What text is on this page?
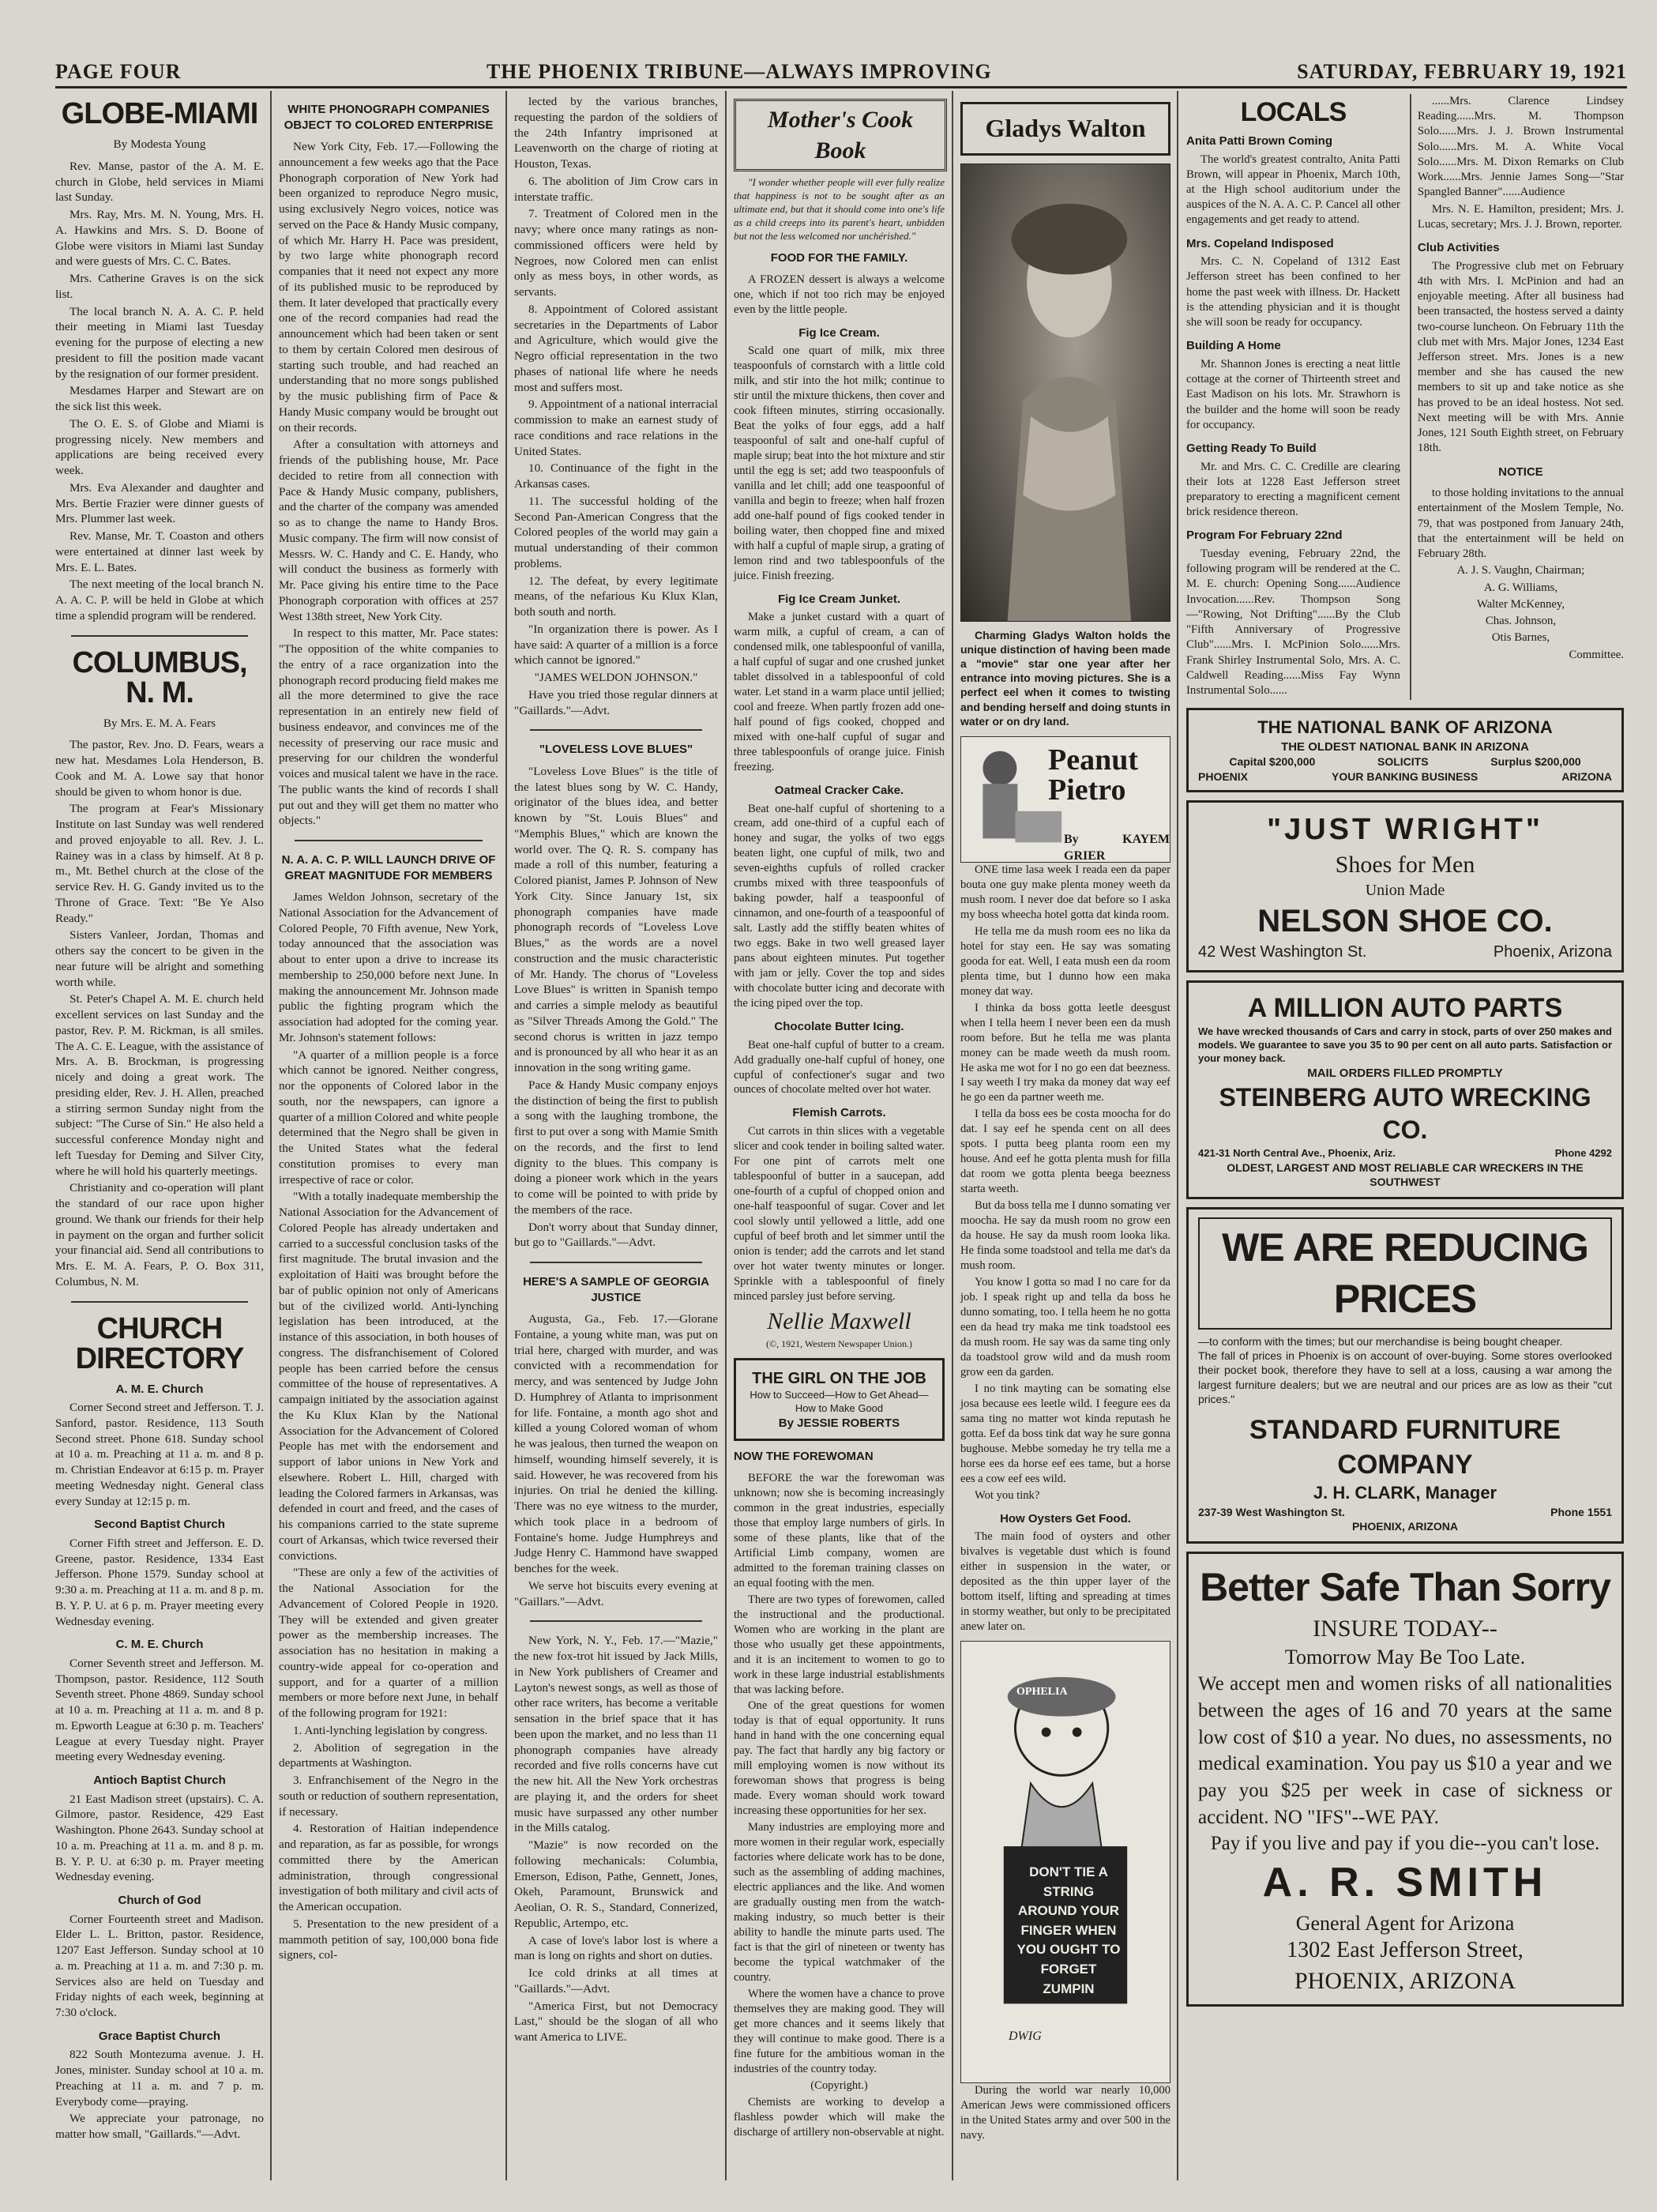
PAGE FOUR	THE PHOENIX TRIBUNE—ALWAYS IMPROVING	SATURDAY, FEBRUARY 19, 1921
GLOBE-MIAMI

By Modesta Young

Rev. Manse, pastor of the A. M. E. church in Globe, held services in Miami last Sunday.

Mrs. Ray, Mrs. M. N. Young, Mrs. H. A. Hawkins and Mrs. S. D. Boone of Globe were visitors in Miami last Sunday and were guests of Mrs. C. C. Bates.

Mrs. Catherine Graves is on the sick list.

The local branch N. A. A. C. P. held their meeting in Miami last Tuesday evening for the purpose of electing a new president to fill the position made vacant by the resignation of our former president.

Mesdames Harper and Stewart are on the sick list this week.

The O. E. S. of Globe and Miami is progressing nicely. New members and applications are being received every week.

Mrs. Eva Alexander and daughter and Mrs. Bertie Frazier were dinner guests of Mrs. Plummer last week.

Rev. Manse, Mr. T. Coaston and others were entertained at dinner last week by Mrs. E. L. Bates.

The next meeting of the local branch N. A. A. C. P. will be held in Globe at which time a splendid program will be rendered.

COLUMBUS, N. M.

By Mrs. E. M. A. Fears

The pastor, Rev. Jno. D. Fears, wears a new hat. Mesdames Lola Henderson, B. Cook and M. A. Lowe say that honor should be given to whom honor is due.

The program at Fear's Missionary Institute on last Sunday was well rendered and proved enjoyable to all. Rev. J. L. Rainey was in a class by himself. At 8 p. m., Mt. Bethel church at the close of the service Rev. H. G. Gandy invited us to the Throne of Grace. Text: "Be Ye Also Ready."

Sisters Vanleer, Jordan, Thomas and others say the concert to be given in the near future will be alright and something worth while.

St. Peter's Chapel A. M. E. church held excellent services on last Sunday and the pastor, Rev. P. M. Rickman, is all smiles. The A. C. E. League, with the assistance of Mrs. A. B. Brockman, is progressing nicely and doing a great work. The presiding elder, Rev. J. H. Allen, preached a stirring sermon Sunday night from the subject: "The Curse of Sin." He also held a successful conference Monday night and left Tuesday for Deming and Silver City, where he will hold his quarterly meetings.

Christianity and co-operation will plant the standard of our race upon higher ground. We thank our friends for their help in payment on the organ and further solicit your financial aid. Send all contributions to Mrs. E. M. A. Fears, P. O. Box 311, Columbus, N. M.

CHURCH DIRECTORY
A. M. E. Church

Corner Second street and Jefferson. T. J. Sanford, pastor. Residence, 113 South Second street. Phone 618. Sunday school at 10 a. m. Preaching at 11 a. m. and 8 p. m. Christian Endeavor at 6:15 p. m. Prayer meeting Wednesday night. General class every Sunday at 12:15 p. m.

Second Baptist Church

Corner Fifth street and Jefferson. E. D. Greene, pastor. Residence, 1334 East Jefferson. Phone 1579. Sunday school at 9:30 a. m. Preaching at 11 a. m. and 8 p. m. B. Y. P. U. at 6 p. m. Prayer meeting every Wednesday evening.

C. M. E. Church

Corner Seventh street and Jefferson. M. Thompson, pastor. Residence, 112 South Seventh street. Phone 4869. Sunday school at 10 a. m. Preaching at 11 a. m. and 8 p. m. Epworth League at 6:30 p. m. Teachers' League at every Tuesday night. Prayer meeting every Wednesday evening.

Antioch Baptist Church

21 East Madison street (upstairs). C. A. Gilmore, pastor. Residence, 429 East Washington. Phone 2643. Sunday school at 10 a. m. Preaching at 11 a. m. and 8 p. m. B. Y. P. U. at 6:30 p. m. Prayer meeting Wednesday evening.

Church of God

Corner Fourteenth street and Madison. Elder L. L. Britton, pastor. Residence, 1207 East Jefferson. Sunday school at 10 a. m. Preaching at 11 a. m. and 7:30 p. m. Services also are held on Tuesday and Friday nights of each week, beginning at 7:30 o'clock.

Grace Baptist Church

822 South Montezuma avenue. J. H. Jones, minister. Sunday school at 10 a. m. Preaching at 11 a. m. and 7 p. m. Everybody come—praying.

We appreciate your patronage, no matter how small, "Gaillards."—Advt.

WHITE PHONOGRAPH COMPANIES OBJECT TO COLORED ENTERPRISE

New York City, Feb. 17.—Following the announcement a few weeks ago that the Pace Phonograph corporation of New York had been organized to reproduce Negro music, using exclusively Negro voices, notice was served on the Pace & Handy Music company, of which Mr. Harry H. Pace was president, by two large white phonograph record companies that it need not expect any more of its published music to be reproduced by them. It later developed that practically every one of the record companies had read the announcement which had been taken or sent to them by certain Colored men desirous of starting such trouble, and had reached an understanding that no more songs published by the music publishing firm of Pace & Handy Music company would be brought out on their records.

After a consultation with attorneys and friends of the publishing house, Mr. Pace decided to retire from all connection with Pace & Handy Music company, publishers, and the charter of the company was amended so as to change the name to Handy Bros. Music company. The firm will now consist of Messrs. W. C. Handy and C. E. Handy, who will conduct the business as formerly with Mr. Pace giving his entire time to the Pace Phonograph corporation with offices at 257 West 138th street, New York City.

In respect to this matter, Mr. Pace states: "The opposition of the white companies to the entry of a race organization into the phonograph record producing field makes me all the more determined to give the race representation in an entirely new field of business endeavor, and convinces me of the necessity of preserving our race music and preserving for our children the wonderful voices and musical talent we have in the race. The public wants the kind of records I shall put out and they will get them no matter who objects."

N. A. A. C. P. WILL LAUNCH DRIVE OF GREAT MAGNITUDE FOR MEMBERS

James Weldon Johnson, secretary of the National Association for the Advancement of Colored People, 70 Fifth avenue, New York, today announced that the association was about to enter upon a drive to increase its membership to 250,000 before next June. In making the announcement Mr. Johnson made public the fighting program which the association had adopted for the coming year. Mr. Johnson's statement follows:

"A quarter of a million people is a force which cannot be ignored. Neither congress, nor the opponents of Colored labor in the south, nor the newspapers, can ignore a quarter of a million Colored and white people determined that the Negro shall be given in the United States what the federal constitution promises to every man irrespective of race or color.

"With a totally inadequate membership the National Association for the Advancement of Colored People has already undertaken and carried to a successful conclusion tasks of the first magnitude. The brutal invasion and the exploitation of Haiti was brought before the bar of public opinion not only of Americans but of the civilized world. Anti-lynching legislation has been introduced, at the instance of this association, in both houses of congress. The disfranchisement of Colored people has been carried before the census committee of the house of representatives. A campaign initiated by the association against the Ku Klux Klan by the National Association for the Advancement of Colored People has met with the endorsement and support of labor unions in New York and elsewhere. Robert L. Hill, charged with leading the Colored farmers in Arkansas, was defended in court and freed, and the cases of his companions carried to the state supreme court of Arkansas, which twice reversed their convictions.

"These are only a few of the activities of the National Association for the Advancement of Colored People in 1920. They will be extended and given greater power as the membership increases. The association has no hesitation in making a country-wide appeal for co-operation and support, and for a quarter of a million members or more before next June, in behalf of the following program for 1921:

1. Anti-lynching legislation by congress.

2. Abolition of segregation in the departments at Washington.

3. Enfranchisement of the Negro in the south or reduction of southern representation, if necessary.

4. Restoration of Haitian independence and reparation, as far as possible, for wrongs committed there by the American administration, through congressional investigation of both military and civil acts of the American occupation.

5. Presentation to the new president of a mammoth petition of say, 100,000 bona fide signers, col-

lected by the various branches, requesting the pardon of the soldiers of the 24th Infantry imprisoned at Leavenworth on the charge of rioting at Houston, Texas.

6. The abolition of Jim Crow cars in interstate traffic.

7. Treatment of Colored men in the navy; where once many ratings as non-commissioned officers were held by Negroes, now Colored men can enlist only as mess boys, in other words, as servants.

8. Appointment of Colored assistant secretaries in the Departments of Labor and Agriculture, which would give the Negro official representation in the two phases of national life where he needs most and suffers most.

9. Appointment of a national interracial commission to make an earnest study of race conditions and race relations in the United States.

10. Continuance of the fight in the Arkansas cases.

11. The successful holding of the Second Pan-American Congress that the Colored peoples of the world may gain a mutual understanding of their common problems.

12. The defeat, by every legitimate means, of the nefarious Ku Klux Klan, both south and north.

"In organization there is power. As I have said: A quarter of a million is a force which cannot be ignored."

"JAMES WELDON JOHNSON."

Have you tried those regular dinners at "Gaillards."—Advt.

"LOVELESS LOVE BLUES"

"Loveless Love Blues" is the title of the latest blues song by W. C. Handy, originator of the blues idea, and better known by "St. Louis Blues" and "Memphis Blues," which are known the world over. The Q. R. S. company has made a roll of this number, featuring a Colored pianist, James P. Johnson of New York City. Since January 1st, six phonograph companies have made phonograph records of "Loveless Love Blues," as the words are a novel construction and the music characteristic of Mr. Handy. The chorus of "Loveless Love Blues" is written in Spanish tempo and carries a simple melody as beautiful as "Silver Threads Among the Gold." The second chorus is written in jazz tempo and is pronounced by all who hear it as an innovation in the song writing game.

Pace & Handy Music company enjoys the distinction of being the first to publish a song with the laughing trombone, the first to put over a song with Mamie Smith on the records, and the first to lend dignity to the blues. This company is doing a pioneer work which in the years to come will be pointed to with pride by the members of the race.

Don't worry about that Sunday dinner, but go to "Gaillards."—Advt.

HERE'S A SAMPLE OF GEORGIA JUSTICE

Augusta, Ga., Feb. 17.—Glorane Fontaine, a young white man, was put on trial here, charged with murder, and was convicted with a recommendation for mercy, and was sentenced by Judge John D. Humphrey of Atlanta to imprisonment for life. Fontaine, a month ago shot and killed a young Colored woman of whom he was jealous, then turned the weapon on himself, wounding himself severely, it is said. However, he was recovered from his injuries. On trial he denied the killing. There was no eye witness to the murder, which took place in a bedroom of Fontaine's home. Judge Humphreys and Judge Henry C. Hammond have swapped benches for the week.

We serve hot biscuits every evening at "Gaillars."—Advt.

New York, N. Y., Feb. 17.—"Mazie," the new fox-trot hit issued by Jack Mills, in New York publishers of Creamer and Layton's newest songs, as well as those of other race writers, has become a veritable sensation in the brief space that it has been upon the market, and no less than 11 phonograph companies have already recorded and five rolls concerns have cut the new hit. All the New York orchestras are playing it, and the orders for sheet music have surpassed any other number in the Mills catalog.

"Mazie" is now recorded on the following mechanicals: Columbia, Emerson, Edison, Pathe, Gennett, Jones, Okeh, Paramount, Brunswick and Aeolian, O. R. S., Standard, Connerized, Republic, Artempo, etc.

A case of love's labor lost is where a man is long on rights and short on duties.

Ice cold drinks at all times at "Gaillards."—Advt.

"America First, but not Democracy Last," should be the slogan of all who want America to LIVE.

Mother's Cook Book

"I wonder whether people will ever fully realize that happiness is not to be sought after as an ultimate end, but that it should come into one's life as a child creeps into its parent's heart, unbidden but not the less welcomed nor unchérished."

FOOD FOR THE FAMILY.

A FROZEN dessert is always a welcome one, which if not too rich may be enjoyed even by the little people.

Fig Ice Cream.

Scald one quart of milk, mix three teaspoonfuls of cornstarch with a little cold milk, and stir into the hot milk; continue to stir until the mixture thickens, then cover and cook fifteen minutes, stirring occasionally. Beat the yolks of four eggs, add a half teaspoonful of salt and one-half cupful of maple sirup; beat into the hot mixture and stir until the egg is set; add two teaspoonfuls of vanilla and let chill; add one teaspoonful of vanilla and begin to freeze; when half frozen add one-half pound of figs cooked tender in boiling water, then chopped fine and mixed with half a cupful of maple sirup, a grating of lemon rind and two tablespoonfuls of the juice. Finish freezing.

Fig Ice Cream Junket.

Make a junket custard with a quart of warm milk, a cupful of cream, a can of condensed milk, one tablespoonful of vanilla, a half cupful of sugar and one crushed junket tablet dissolved in a tablespoonful of cold water. Let stand in a warm place until jellied; cool and freeze. When partly frozen add one-half pound of figs cooked, chopped and mixed with one-half cupful of sugar and three tablespoonfuls of orange juice. Finish freezing.

Oatmeal Cracker Cake.

Beat one-half cupful of shortening to a cream, add one-third of a cupful each of honey and sugar, the yolks of two eggs beaten light, one cupful of milk, two and seven-eighths cupfuls of rolled cracker crumbs mixed with three teaspoonfuls of baking powder, half a teaspoonful of cinnamon, and one-fourth of a teaspoonful of salt. Lastly add the stiffly beaten whites of two eggs. Bake in two well greased layer pans about eighteen minutes. Put together with jam or jelly. Cover the top and sides with chocolate butter icing and decorate with the icing piped over the top.

Chocolate Butter Icing.

Beat one-half cupful of butter to a cream. Add gradually one-half cupful of honey, one cupful of confectioner's sugar and two ounces of chocolate melted over hot water.

Flemish Carrots.

Cut carrots in thin slices with a vegetable slicer and cook tender in boiling salted water. For one pint of carrots melt one tablespoonful of butter in a saucepan, add one-fourth of a cupful of chopped onion and one-half teaspoonful of sugar. Cover and let cool slowly until yellowed a little, add one cupful of beef broth and let simmer until the onion is tender; add the carrots and let stand over hot water twenty minutes or longer. Sprinkle with a tablespoonful of finely minced parsley just before serving.

Nellie Maxwell

(©, 1921, Western Newspaper Union.)

THE GIRL ON THE JOB
How to Succeed—How to Get Ahead—How to Make Good
By JESSIE ROBERTS
NOW THE FOREWOMAN

BEFORE the war the forewoman was unknown; now she is becoming increasingly common in the great industries, especially those that employ large numbers of girls. In some of these plants, like that of the Artificial Limb company, women are admitted to the foreman training classes on an equal footing with the men.

There are two types of forewomen, called the instructional and the productional. Women who are working in the plant are those who usually get these appointments, and it is an incitement to women to go to work in these large industrial establishments that was lacking before.

One of the great questions for women today is that of equal opportunity. It runs hand in hand with the one concerning equal pay. The fact that hardly any big factory or mill employing women is now without its forewoman shows that progress is being made. Every woman should work toward increasing these opportunities for her sex.

Many industries are employing more and more women in their regular work, especially factories where delicate work has to be done, such as the assembling of adding machines, electric appliances and the like. And women are gradually ousting men from the watch-making industry, so much better is their ability to handle the minute parts used. The fact is that the girl of nineteen or twenty has become the typical watchmaker of the country.

Where the women have a chance to prove themselves they are making good. They will get more chances and it seems likely that they will continue to make good. There is a fine future for the ambitious woman in the industries of the country today.

(Copyright.)

Chemists are working to develop a flashless powder which will make the discharge of artillery non-observable at night.

Gladys Walton

Charming Gladys Walton holds the unique distinction of having been made a "movie" star one year after her entrance into moving pictures. She is a perfect eel when it comes to twisting and bending herself and doing stunts in water or on dry land.

Peanut Pietro
By KAYEM GRIER

ONE time lasa week I reada een da paper bouta one guy make plenta money weeth da mush room. I never doe dat before so I aska my boss wheecha hotel gotta dat kinda room.

He tella me da mush room ees no lika da hotel for stay een. He say was somating gooda for eat. Well, I eata mush een da room plenta time, but I dunno how een maka money dat way.

I thinka da boss gotta leetle deesgust when I tella heem I never been een da mush room before. But he tella me was planta money can be made weeth da mush room. He aska me wot for I no go een dat beezness. I say weeth I try maka da money dat way eef he go een da partner weeth me.

I tella da boss ees be costa moocha for do dat. I say eef he spenda cent on all dees spots. I putta beeg planta room een my house. And eef he gotta plenta mush for filla dat room we gotta plenta beega beezness starta weeth.

But da boss tella me I dunno somating ver moocha. He say da mush room no grow een da house. He say da mush room looka lika. He finda some toadstool and tella me dat's da mush room.

You know I gotta so mad I no care for da job. I speak right up and tella da boss he dunno somating, too. I tella heem he no gotta een da head try maka me tink toadstool ees da mush room. He say was da same ting only da toadstool grow wild and da mush room grow een da garden.

I no tink mayting can be somating else josa because ees leetle wild. I feegure ees da sama ting no matter wot kinda reputash he gotta. Eef da boss tink dat way he sure gonna bughouse. Mebbe someday he try tella me a horse ees da horse eef ees tame, but a horse ees a cow eef ees wild.

Wot you tink?

How Oysters Get Food.

The main food of oysters and other bivalves is vegetable dust which is found either in suspension in the water, or deposited as the thin upper layer of the bottom itself, lifting and spreading at times in stormy weather, but only to be precipitated anew later on.

OPHELIA
DON'T TIE A STRING AROUND YOUR FINGER WHEN YOU OUGHT TO FORGET ZUMPIN
DWIG

During the world war nearly 10,000 American Jews were commissioned officers in the United States army and over 500 in the navy.

LOCALS
Anita Patti Brown Coming

The world's greatest contralto, Anita Patti Brown, will appear in Phoenix, March 10th, at the High school auditorium under the auspices of the N. A. A. C. P. Cancel all other engagements and get ready to attend.

Mrs. Copeland Indisposed

Mrs. C. N. Copeland of 1312 East Jefferson street has been confined to her home the past week with illness. Dr. Hackett is the attending physician and it is thought she will soon be ready for occupancy.

Building A Home

Mr. Shannon Jones is erecting a neat little cottage at the corner of Thirteenth street and East Madison on his lots. Mr. Strawhorn is the builder and the home will soon be ready for occupancy.

Getting Ready To Build

Mr. and Mrs. C. C. Credille are clearing their lots at 1228 East Jefferson street preparatory to erecting a magnificent cement brick residence thereon.

Program For February 22nd

Tuesday evening, February 22nd, the following program will be rendered at the C. M. E. church: Opening Song......Audience Invocation......Rev. Thompson Song—"Rowing, Not Drifting"......By the Club "Fifth Anniversary of Progressive Club"......Mrs. I. McPinion Solo......Mrs. Frank Shirley Instrumental Solo, Mrs. A. C. Caldwell Reading......Miss Fay Wynn Instrumental Solo......

......Mrs. Clarence Lindsey Reading......Mrs. M. Thompson Solo......Mrs. J. J. Brown Instrumental Solo......Mrs. M. A. White Vocal Solo......Mrs. M. Dixon Remarks on Club Work......Mrs. Jennie James Song—"Star Spangled Banner"......Audience

Mrs. N. E. Hamilton, president; Mrs. J. Lucas, secretary; Mrs. J. J. Brown, reporter.

Club Activities

The Progressive club met on February 4th with Mrs. I. McPinion and had an enjoyable meeting. After all business had been transacted, the hostess served a dainty two-course luncheon. On February 11th the club met with Mrs. Major Jones, 1234 East Jefferson street. Mrs. Jones is a new member and she has caused the new members to sit up and take notice as she has proved to be an ideal hostess. Not sed. Next meeting will be with Mrs. Annie Jones, 121 South Eighth street, on February 18th.

NOTICE

to those holding invitations to the annual entertainment of the Moslem Temple, No. 79, that was postponed from January 24th, that the entertainment will be held on February 28th.

A. J. S. Vaughn, Chairman;

A. G. Williams,

Walter McKenney,

Chas. Johnson,

Otis Barnes,

Committee.

THE NATIONAL BANK OF ARIZONA
THE OLDEST NATIONAL BANK IN ARIZONA
Capital $200,000	SOLICITS	Surplus $200,000
PHOENIX	YOUR BANKING BUSINESS	ARIZONA
"JUST WRIGHT"
Shoes for Men
Union Made
NELSON SHOE CO.
42 West Washington St.	Phoenix, Arizona
A MILLION AUTO PARTS
We have wrecked thousands of Cars and carry in stock, parts of over 250 makes and models. We guarantee to save you 35 to 90 per cent on all auto parts. Satisfaction or your money back.
MAIL ORDERS FILLED PROMPTLY
STEINBERG AUTO WRECKING CO.
421-31 North Central Ave., Phoenix, Ariz.	Phone 4292
OLDEST, LARGEST AND MOST RELIABLE CAR WRECKERS IN THE SOUTHWEST
WE ARE REDUCING PRICES
—to conform with the times; but our merchandise is being bought cheaper.
The fall of prices in Phoenix is on account of over-buying. Some stores overlooked their pocket book, therefore they have to sell at a loss, causing a war among the largest furniture dealers; but we are neutral and our prices are as low as their "cut prices."
STANDARD FURNITURE COMPANY
J. H. CLARK, Manager
237-39 West Washington St.	Phone 1551
PHOENIX, ARIZONA
Better Safe Than Sorry
INSURE TODAY--
Tomorrow May Be Too Late.
We accept men and women risks of all nationalities between the ages of 16 and 70 years at the same low cost of $10 a year. No dues, no assessments, no medical examination. You pay us $10 a year and we pay you $25 per week in case of sickness or accident. NO "IFS"--WE PAY.
Pay if you live and pay if you die--you can't lose.
A. R. SMITH
General Agent for Arizona
1302 East Jefferson Street,
PHOENIX, ARIZONA
